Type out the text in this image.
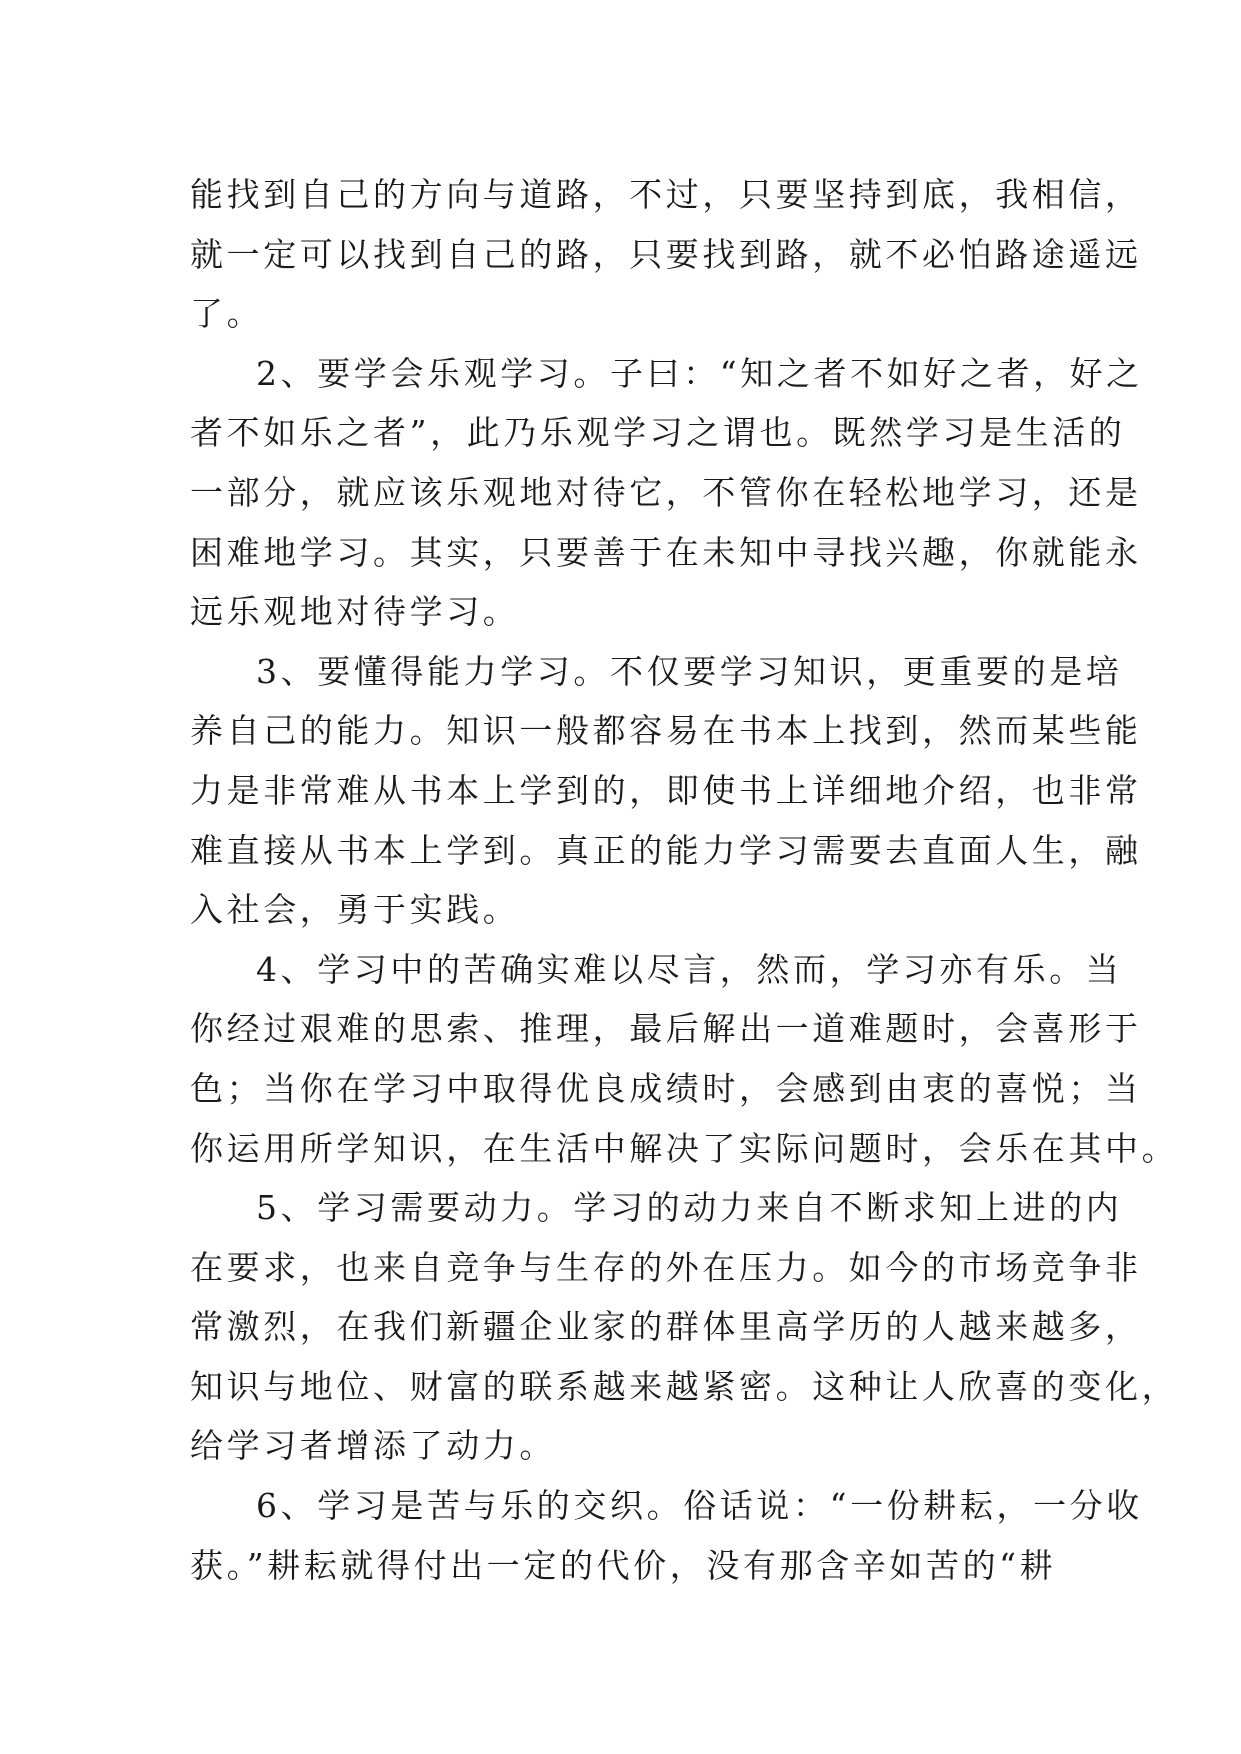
能找到自己的方向与道路，不过，只要坚持到底，我相信，
就一定可以找到自己的路，只要找到路，就不必怕路途遥远
了。
2、要学会乐观学习。子曰：“知之者不如好之者，好之
者不如乐之者”，此乃乐观学习之谓也。既然学习是生活的
一部分，就应该乐观地对待它，不管你在轻松地学习，还是
困难地学习。其实，只要善于在未知中寻找兴趣，你就能永
远乐观地对待学习。
3、要懂得能力学习。不仅要学习知识，更重要的是培
养自己的能力。知识一般都容易在书本上找到，然而某些能
力是非常难从书本上学到的，即使书上详细地介绍，也非常
难直接从书本上学到。真正的能力学习需要去直面人生，融
入社会，勇于实践。
4、学习中的苦确实难以尽言，然而，学习亦有乐。当
你经过艰难的思索、推理，最后解出一道难题时，会喜形于
色；当你在学习中取得优良成绩时，会感到由衷的喜悦；当
你运用所学知识，在生活中解决了实际问题时，会乐在其中。
5、学习需要动力。学习的动力来自不断求知上进的内
在要求，也来自竞争与生存的外在压力。如今的市场竞争非
常激烈，在我们新疆企业家的群体里高学历的人越来越多，
知识与地位、财富的联系越来越紧密。这种让人欣喜的变化，
给学习者增添了动力。
6、学习是苦与乐的交织。俗话说：“一份耕耘，一分收
获。”耕耘就得付出一定的代价，没有那含辛如苦的“耕
